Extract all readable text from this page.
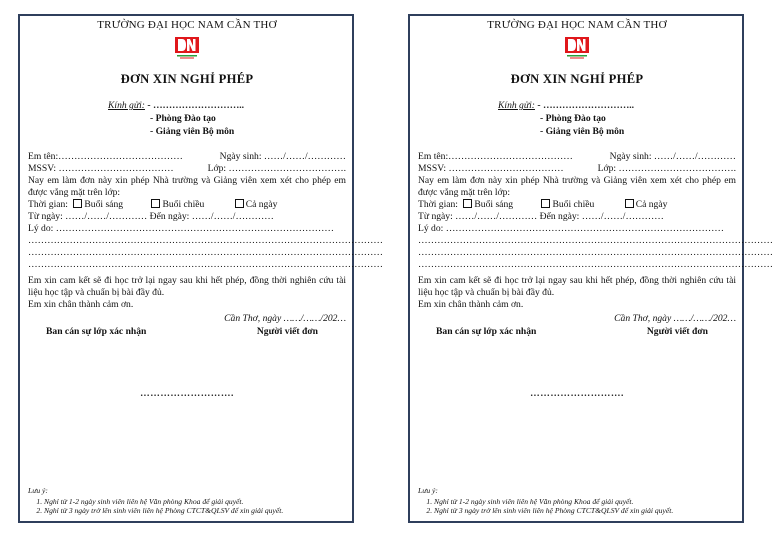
TRƯỜNG ĐẠI HỌC NAM CẦN THƠ
ĐƠN XIN NGHỈ PHÉP
Kính gửi: - ………………………..
- Phòng Đào tạo
- Giảng viên Bộ môn
Em tên:…………………………………	Ngày sinh: ……/……/…………
MSSV: ………………………………	Lớp: ……………………………….
Nay em làm đơn này xin phép Nhà trường và Giảng viên xem xét cho phép em được vắng mặt trên lớp:
Thời gian: Buổi sáng	Buổi chiều	Cả ngày
Từ ngày: ……/……/………… Đến ngày: ……/……/…………
Lý do: ……………………………………………………………………………
…………………………………………………………………………………………………
…………………………………………………………………………………………………
…………………………………………………………………………………………………
Em xin cam kết sẽ đi học trở lại ngay sau khi hết phép, đồng thời nghiên cứu tài liệu học tập và chuẩn bị bài đầy đủ.
Em xin chân thành cảm ơn.
Cần Thơ, ngày ……/……/202…
Ban cán sự lớp xác nhận	Người viết đơn
……………………….
Lưu ý:
1. Nghỉ từ 1-2 ngày sinh viên liên hệ Văn phòng Khoa để giải quyết.
2. Nghỉ từ 3 ngày trở lên sinh viên liên hệ Phòng CTCT&QLSV để xin giải quyết.
TRƯỜNG ĐẠI HỌC NAM CẦN THƠ
ĐƠN XIN NGHỈ PHÉP
Kính gửi: - ………………………..
- Phòng Đào tạo
- Giảng viên Bộ môn
Em tên:…………………………………	Ngày sinh: ……/……/…………
MSSV: ………………………………	Lớp: ……………………………….
Nay em làm đơn này xin phép Nhà trường và Giảng viên xem xét cho phép em được vắng mặt trên lớp:
Thời gian: Buổi sáng	Buổi chiều	Cả ngày
Từ ngày: ……/……/………… Đến ngày: ……/……/…………
Lý do: ……………………………………………………………………………
…………………………………………………………………………………………………
…………………………………………………………………………………………………
…………………………………………………………………………………………………
Em xin cam kết sẽ đi học trở lại ngay sau khi hết phép, đồng thời nghiên cứu tài liệu học tập và chuẩn bị bài đầy đủ.
Em xin chân thành cảm ơn.
Cần Thơ, ngày ……/……/202…
Ban cán sự lớp xác nhận	Người viết đơn
……………………….
Lưu ý:
1. Nghỉ từ 1-2 ngày sinh viên liên hệ Văn phòng Khoa để giải quyết.
2. Nghỉ từ 3 ngày trở lên sinh viên liên hệ Phòng CTCT&QLSV để xin giải quyết.
